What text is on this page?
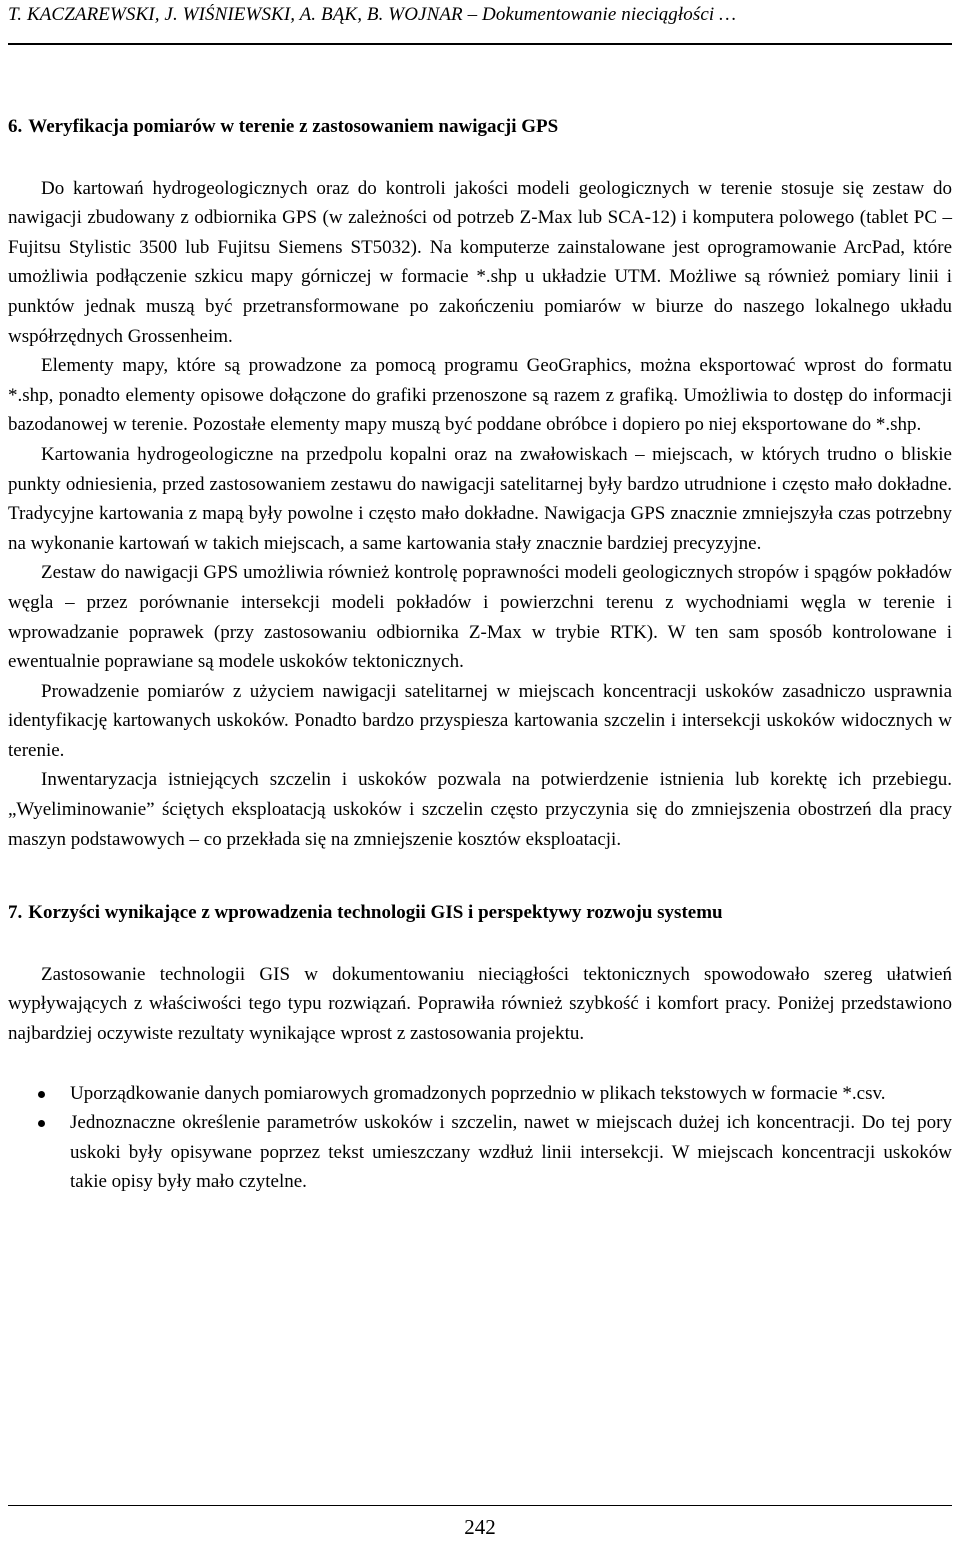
T. KACZAREWSKI, J. WIŚNIEWSKI, A. BĄK, B. WOJNAR – Dokumentowanie nieciągłości …
6. Weryfikacja pomiarów w terenie z zastosowaniem nawigacji GPS

Do kartowań hydrogeologicznych oraz do kontroli jakości modeli geologicznych w terenie stosuje się zestaw do nawigacji zbudowany z odbiornika GPS (w zależności od potrzeb Z-Max lub SCA-12) i komputera polowego (tablet PC – Fujitsu Stylistic 3500 lub Fujitsu Siemens ST5032). Na komputerze zainstalowane jest oprogramowanie ArcPad, które umożliwia podłączenie szkicu mapy górniczej w formacie *.shp u układzie UTM. Możliwe są również pomiary linii i punktów jednak muszą być przetransformowane po zakończeniu pomiarów w biurze do naszego lokalnego układu współrzędnych Grossenheim.

Elementy mapy, które są prowadzone za pomocą programu GeoGraphics, można eksportować wprost do formatu *.shp, ponadto elementy opisowe dołączone do grafiki przenoszone są razem z grafiką. Umożliwia to dostęp do informacji bazodanowej w terenie. Pozostałe elementy mapy muszą być poddane obróbce i dopiero po niej eksportowane do *.shp.

Kartowania hydrogeologiczne na przedpolu kopalni oraz na zwałowiskach – miejscach, w których trudno o bliskie punkty odniesienia, przed zastosowaniem zestawu do nawigacji satelitarnej były bardzo utrudnione i często mało dokładne. Tradycyjne kartowania z mapą były powolne i często mało dokładne. Nawigacja GPS znacznie zmniejszyła czas potrzebny na wykonanie kartowań w takich miejscach, a same kartowania stały znacznie bardziej precyzyjne.

Zestaw do nawigacji GPS umożliwia również kontrolę poprawności modeli geologicznych stropów i spągów pokładów węgla – przez porównanie intersekcji modeli pokładów i powierzchni terenu z wychodniami węgla w terenie i wprowadzanie poprawek (przy zastosowaniu odbiornika Z-Max w trybie RTK). W ten sam sposób kontrolowane i ewentualnie poprawiane są modele uskoków tektonicznych.

Prowadzenie pomiarów z użyciem nawigacji satelitarnej w miejscach koncentracji uskoków zasadniczo usprawnia identyfikację kartowanych uskoków. Ponadto bardzo przyspiesza kartowania szczelin i intersekcji uskoków widocznych w terenie.

Inwentaryzacja istniejących szczelin i uskoków pozwala na potwierdzenie istnienia lub korektę ich przebiegu. „Wyeliminowanie” ściętych eksploatacją uskoków i szczelin często przyczynia się do zmniejszenia obostrzeń dla pracy maszyn podstawowych – co przekłada się na zmniejszenie kosztów eksploatacji.

7. Korzyści wynikające z wprowadzenia technologii GIS i perspektywy rozwoju systemu

Zastosowanie technologii GIS w dokumentowaniu nieciągłości tektonicznych spowodowało szereg ułatwień wypływających z właściwości tego typu rozwiązań. Poprawiła również szybkość i komfort pracy. Poniżej przedstawiono najbardziej oczywiste rezultaty wynikające wprost z zastosowania projektu.

Uporządkowanie danych pomiarowych gromadzonych poprzednio w plikach tekstowych w formacie *.csv.
Jednoznaczne określenie parametrów uskoków i szczelin, nawet w miejscach dużej ich koncentracji. Do tej pory uskoki były opisywane poprzez tekst umieszczany wzdłuż linii intersekcji. W miejscach koncentracji uskoków takie opisy były mało czytelne.
242
